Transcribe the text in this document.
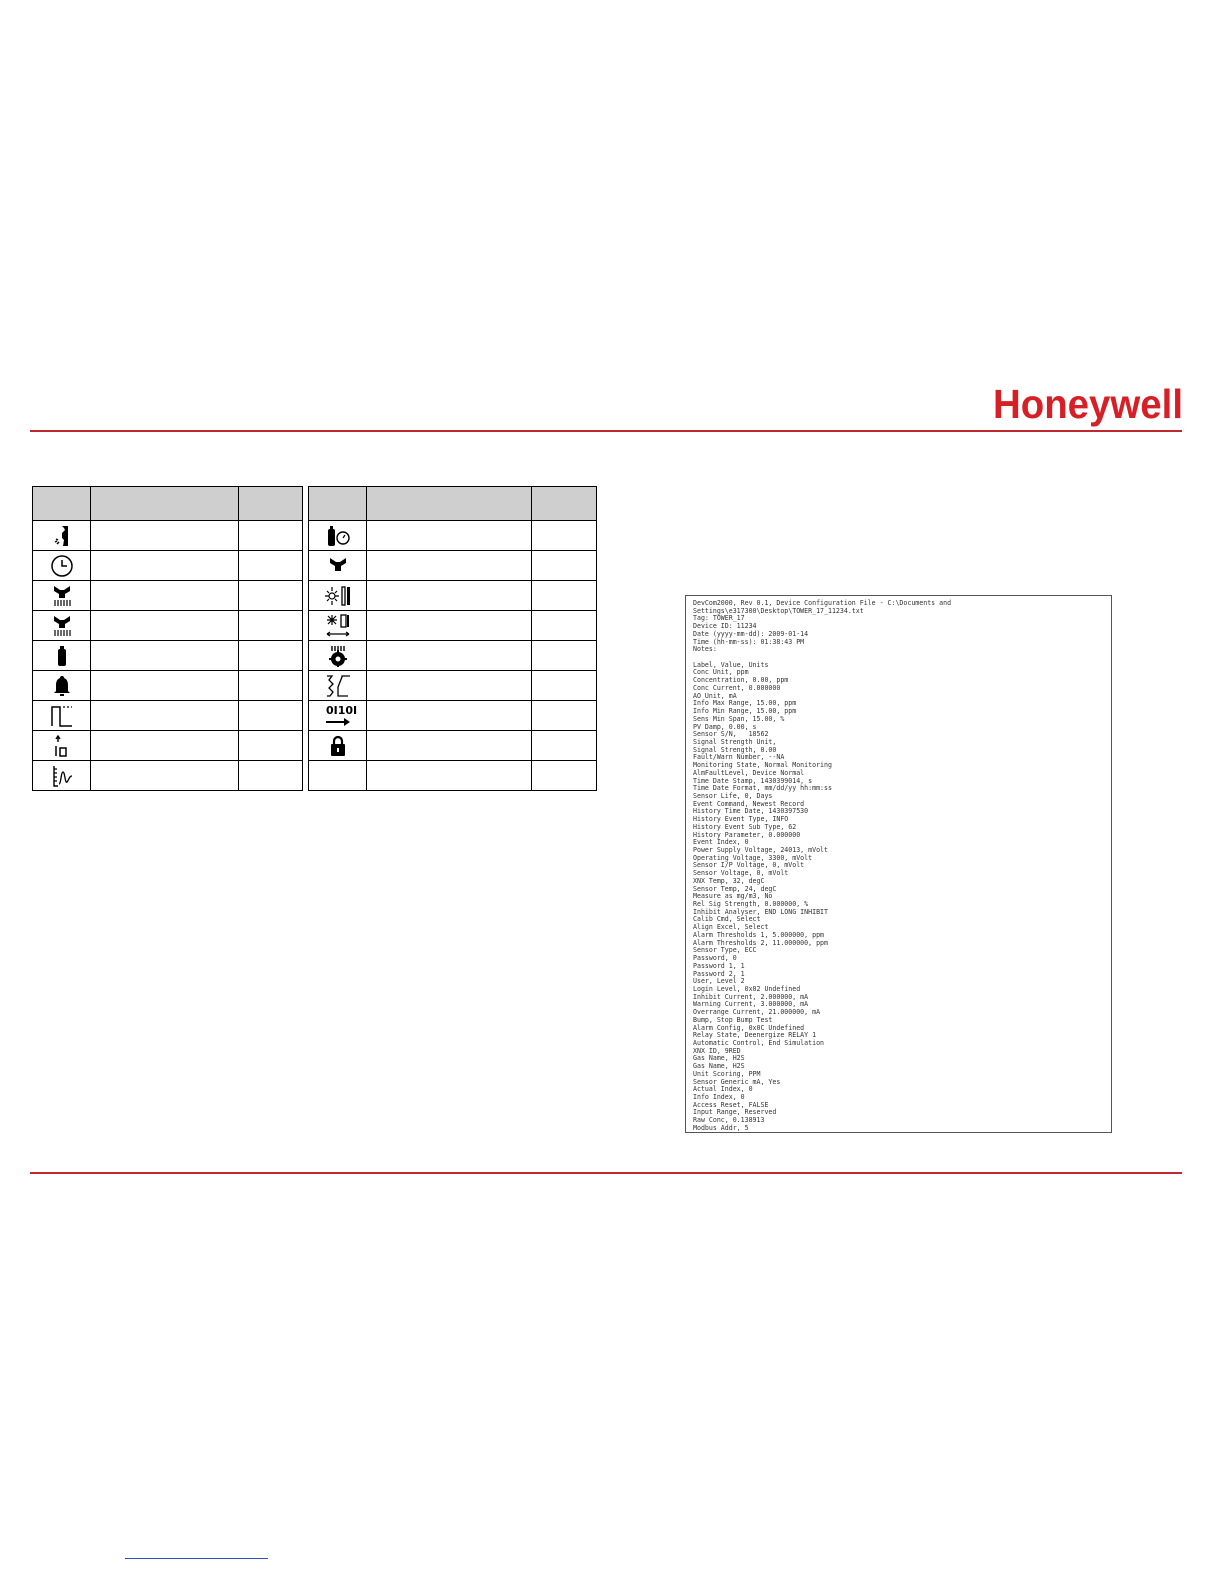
Honeywell

0I10I		

DevCom2000, Rev 0.1, Device Configuration File - C:\Documents and
Settings\e317300\Desktop\TOWER_17_11234.txt
Tag: TOWER_17
Device ID: 11234
Date (yyyy-mm-dd): 2009-01-14
Time (hh-mm-ss): 01:38:43 PM
Notes:

Label, Value, Units
Conc Unit, ppm
Concentration, 0.00, ppm
Conc Current, 0.000000
AO Unit, mA
Info Max Range, 15.00, ppm
Info Min Range, 15.00, ppm
Sens Min Span, 15.00, %
PV Damp, 0.00, s
Sensor S/N,   18562
Signal Strength Unit,
Signal Strength, 0.00
Fault/Warn Number, --NA
Monitoring State, Normal Monitoring
AlmFaultLevel, Device Normal
Time Date Stamp, 1430399014, s
Time Date Format, mm/dd/yy hh:mm:ss
Sensor Life, 0, Days
Event Command, Newest Record
History Time Date, 1430397530
History Event Type, INFO
History Event Sub Type, 62
History Parameter, 0.000000
Event Index, 0
Power Supply Voltage, 24013, mVolt
Operating Voltage, 3300, mVolt
Sensor I/P Voltage, 0, mVolt
Sensor Voltage, 0, mVolt
XNX Temp, 32, degC
Sensor Temp, 24, degC
Measure as mg/m3, No
Rel Sig Strength, 0.000000, %
Inhibit Analyser, END LONG INHIBIT
Calib Cmd, Select
Align Excel, Select
Alarm Thresholds 1, 5.000000, ppm
Alarm Thresholds 2, 11.000000, ppm
Sensor Type, ECC
Password, 0
Password 1, 1
Password 2, 1
User, Level 2
Login Level, 0x02 Undefined
Inhibit Current, 2.000000, mA
Warning Current, 3.000000, mA
Overrange Current, 21.000000, mA
Bump, Stop Bump Test
Alarm Config, 0x0C Undefined
Relay State, Deenergize RELAY 1
Automatic Control, End Simulation
XNX ID, 9RED
Gas Name, H2S
Gas Name, H2S
Unit Scoring, PPM
Sensor Generic mA, Yes
Actual Index, 0
Info Index, 0
Access Reset, FALSE
Input Range, Reserved
Raw Conc, 0.138913
Modbus Addr, 5
